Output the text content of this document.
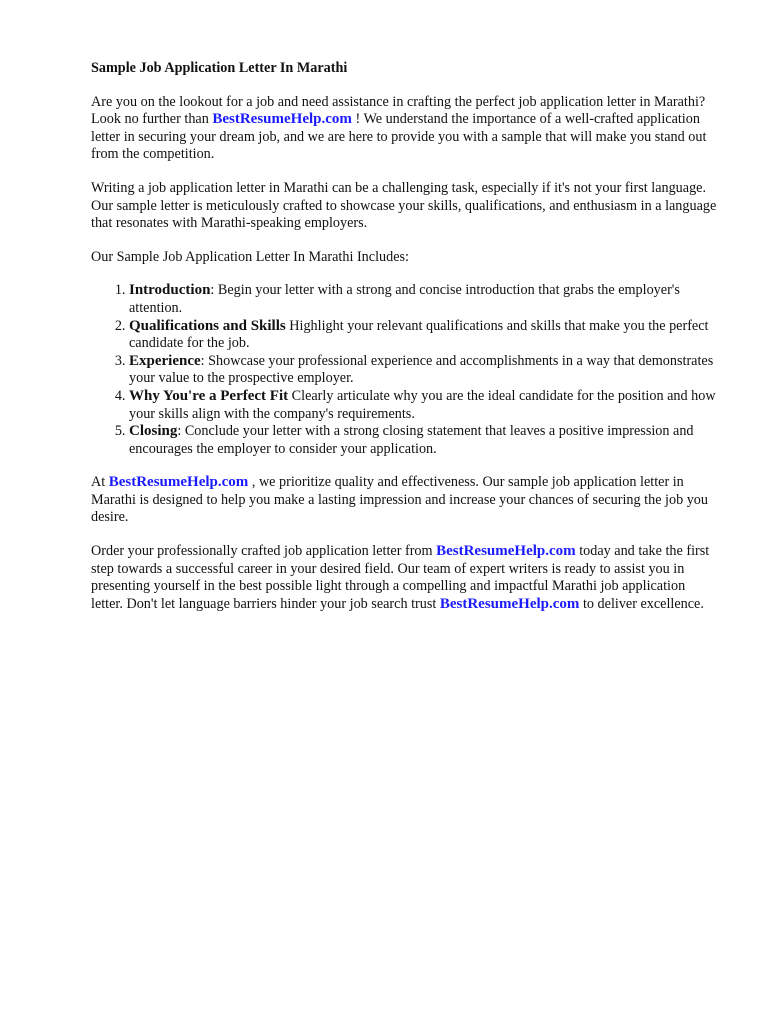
Sample Job Application Letter In Marathi

Are you on the lookout for a job and need assistance in crafting the perfect job application letter in Marathi? Look no further than BestResumeHelp.com ! We understand the importance of a well-crafted application letter in securing your dream job, and we are here to provide you with a sample that will make you stand out from the competition.

Writing a job application letter in Marathi can be a challenging task, especially if it's not your first language. Our sample letter is meticulously crafted to showcase your skills, qualifications, and enthusiasm in a language that resonates with Marathi-speaking employers.

Our Sample Job Application Letter In Marathi Includes:

1. Introduction: Begin your letter with a strong and concise introduction that grabs the employer's attention.
2. Qualifications and Skills Highlight your relevant qualifications and skills that make you the perfect candidate for the job.
3. Experience: Showcase your professional experience and accomplishments in a way that demonstrates your value to the prospective employer.
4. Why You're a Perfect Fit Clearly articulate why you are the ideal candidate for the position and how your skills align with the company's requirements.
5. Closing: Conclude your letter with a strong closing statement that leaves a positive impression and encourages the employer to consider your application.

At BestResumeHelp.com , we prioritize quality and effectiveness. Our sample job application letter in Marathi is designed to help you make a lasting impression and increase your chances of securing the job you desire.

Order your professionally crafted job application letter from BestResumeHelp.com today and take the first step towards a successful career in your desired field. Our team of expert writers is ready to assist you in presenting yourself in the best possible light through a compelling and impactful Marathi job application letter. Don't let language barriers hinder your job search trust BestResumeHelp.com to deliver excellence.
